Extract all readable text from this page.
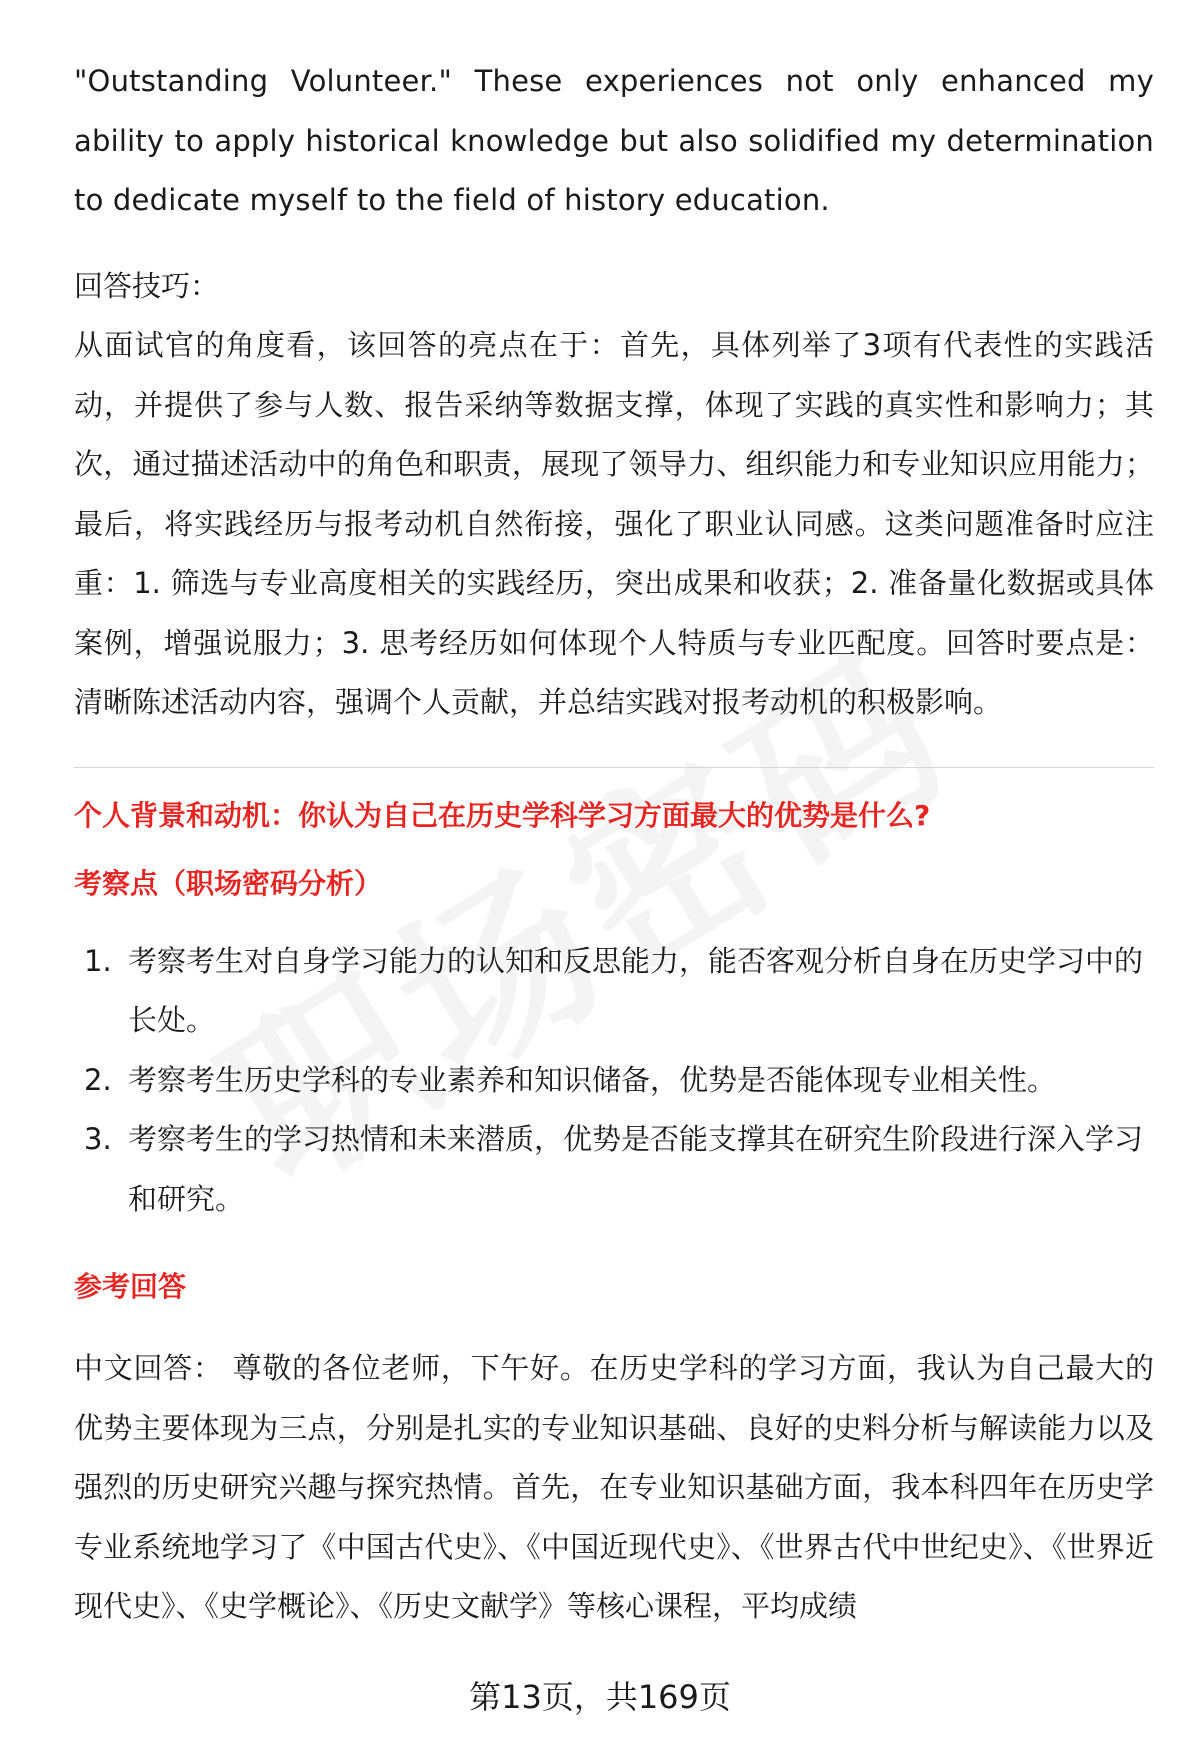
"Outstanding Volunteer." These experiences not only enhanced my ability to apply historical knowledge but also solidified my determination to dedicate myself to the field of history education.

回答技巧：

从面试官的角度看，该回答的亮点在于：首先，具体列举了3项有代表性的实践活动，并提供了参与人数、报告采纳等数据支撑，体现了实践的真实性和影响力；其次，通过描述活动中的角色和职责，展现了领导力、组织能力和专业知识应用能力；最后，将实践经历与报考动机自然衔接，强化了职业认同感。这类问题准备时应注重：1. 筛选与专业高度相关的实践经历，突出成果和收获；2. 准备量化数据或具体案例，增强说服力；3. 思考经历如何体现个人特质与专业匹配度。回答时要点是：清晰陈述活动内容，强调个人贡献，并总结实践对报考动机的积极影响。

个人背景和动机：你认为自己在历史学科学习方面最大的优势是什么?

考察点（职场密码分析）

1. 考察考生对自身学习能力的认知和反思能力，能否客观分析自身在历史学习中的长处。
2. 考察考生历史学科的专业素养和知识储备，优势是否能体现专业相关性。
3. 考察考生的学习热情和未来潜质，优势是否能支撑其在研究生阶段进行深入学习和研究。

参考回答

中文回答： 尊敬的各位老师，下午好。在历史学科的学习方面，我认为自己最大的优势主要体现为三点，分别是扎实的专业知识基础、良好的史料分析与解读能力以及强烈的历史研究兴趣与探究热情。首先，在专业知识基础方面，我本科四年在历史学专业系统地学习了《中国古代史》、《中国近现代史》、《世界古代中世纪史》、《世界近现代史》、《史学概论》、《历史文献学》等核心课程，平均成绩

第13页，共169页
